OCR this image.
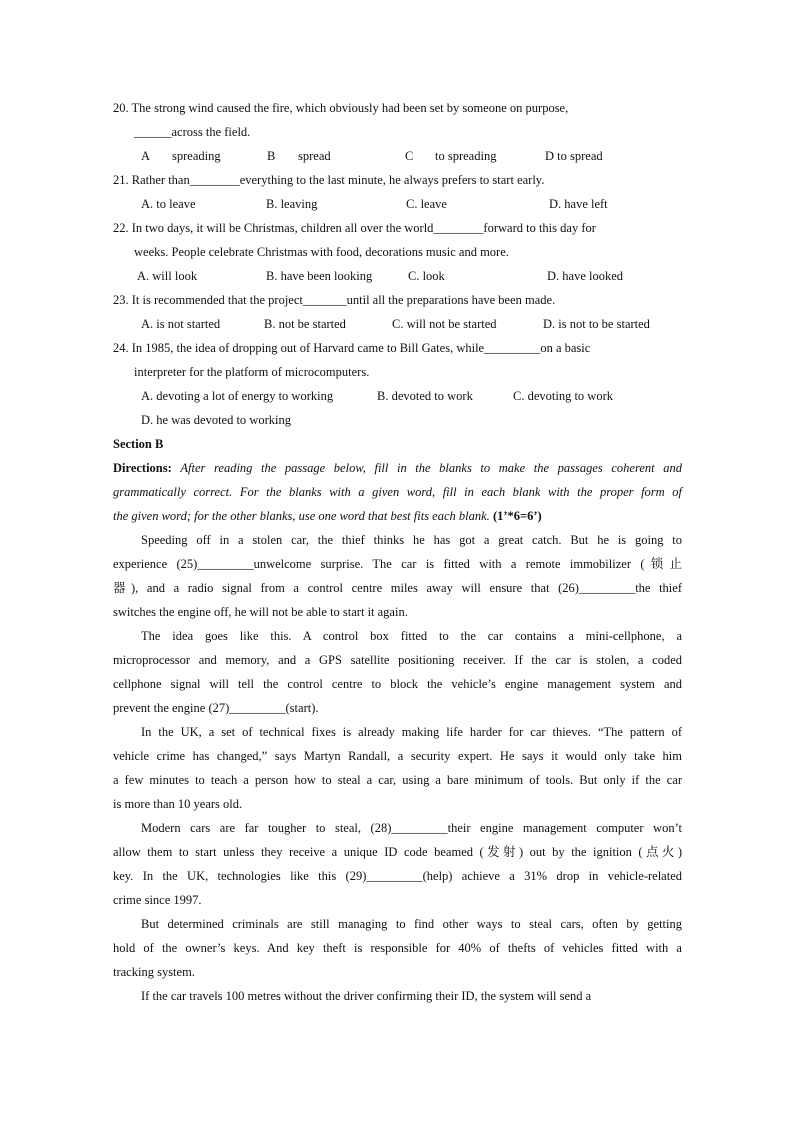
20. The strong wind caused the fire, which obviously had been set by someone on purpose,
______across the field.
A spreading	B spread	C to spreading	D to spread
21. Rather than________everything to the last minute, he always prefers to start early.
A. to leave	B. leaving	C. leave	D. have left
22. In two days, it will be Christmas, children all over the world________forward to this day for
weeks. People celebrate Christmas with food, decorations music and more.
A. will look	B. have been looking	C. look	D. have looked
23. It is recommended that the project_______until all the preparations have been made.
A. is not started	B. not be started	C. will not be started	D. is not to be started
24. In 1985, the idea of dropping out of Harvard came to Bill Gates, while_________on a basic
interpreter for the platform of microcomputers.
A. devoting a lot of energy to working	B. devoted to work	C. devoting to work
D. he was devoted to working
Section B
Directions: After reading the passage below, fill in the blanks to make the passages coherent and
grammatically correct. For the blanks with a given word, fill in each blank with the proper form of
the given word; for the other blanks, use one word that best fits each blank. (1’*6=6’)
Speeding off in a stolen car, the thief thinks he has got a great catch. But he is going to
experience (25)_________unwelcome surprise. The car is fitted with a remote immobilizer (锁止
器), and a radio signal from a control centre miles away will ensure that (26)_________the thief
switches the engine off, he will not be able to start it again.
The idea goes like this. A control box fitted to the car contains a mini-cellphone, a
microprocessor and memory, and a GPS satellite positioning receiver. If the car is stolen, a coded
cellphone signal will tell the control centre to block the vehicle’s engine management system and
prevent the engine (27)_________(start).
In the UK, a set of technical fixes is already making life harder for car thieves. “The pattern of
vehicle crime has changed,” says Martyn Randall, a security expert. He says it would only take him
a few minutes to teach a person how to steal a car, using a bare minimum of tools. But only if the car
is more than 10 years old.
Modern cars are far tougher to steal, (28)_________their engine management computer won’t
allow them to start unless they receive a unique ID code beamed (发射) out by the ignition (点火)
key. In the UK, technologies like this (29)_________(help) achieve a 31% drop in vehicle-related
crime since 1997.
But determined criminals are still managing to find other ways to steal cars, often by getting
hold of the owner’s keys. And key theft is responsible for 40% of thefts of vehicles fitted with a
tracking system.
If the car travels 100 metres without the driver confirming their ID, the system will send a
